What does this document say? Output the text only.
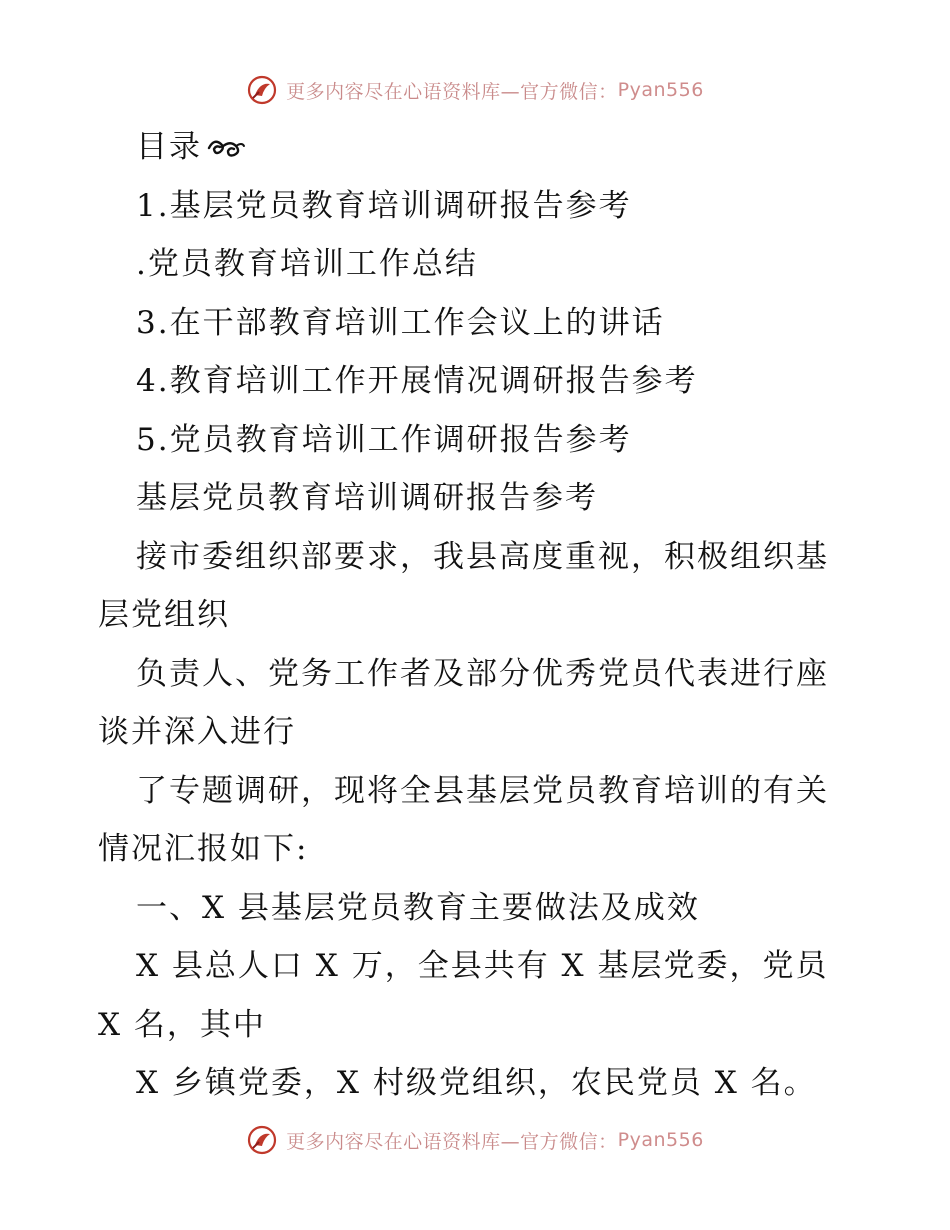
更多内容尽在心语资料库—官方微信： Pyan556
目录
1.基层党员教育培训调研报告参考
.党员教育培训工作总结
3.在干部教育培训工作会议上的讲话
4.教育培训工作开展情况调研报告参考
5.党员教育培训工作调研报告参考
基层党员教育培训调研报告参考
接市委组织部要求，我县高度重视，积极组织基层党组织
负责人、党务工作者及部分优秀党员代表进行座谈并深入进行
了专题调研，现将全县基层党员教育培训的有关情况汇报如下:
一、X 县基层党员教育主要做法及成效
X 县总人口 X 万，全县共有 X 基层党委，党员 X 名，其中
X 乡镇党委，X 村级党组织，农民党员 X 名。
更多内容尽在心语资料库—官方微信： Pyan556
